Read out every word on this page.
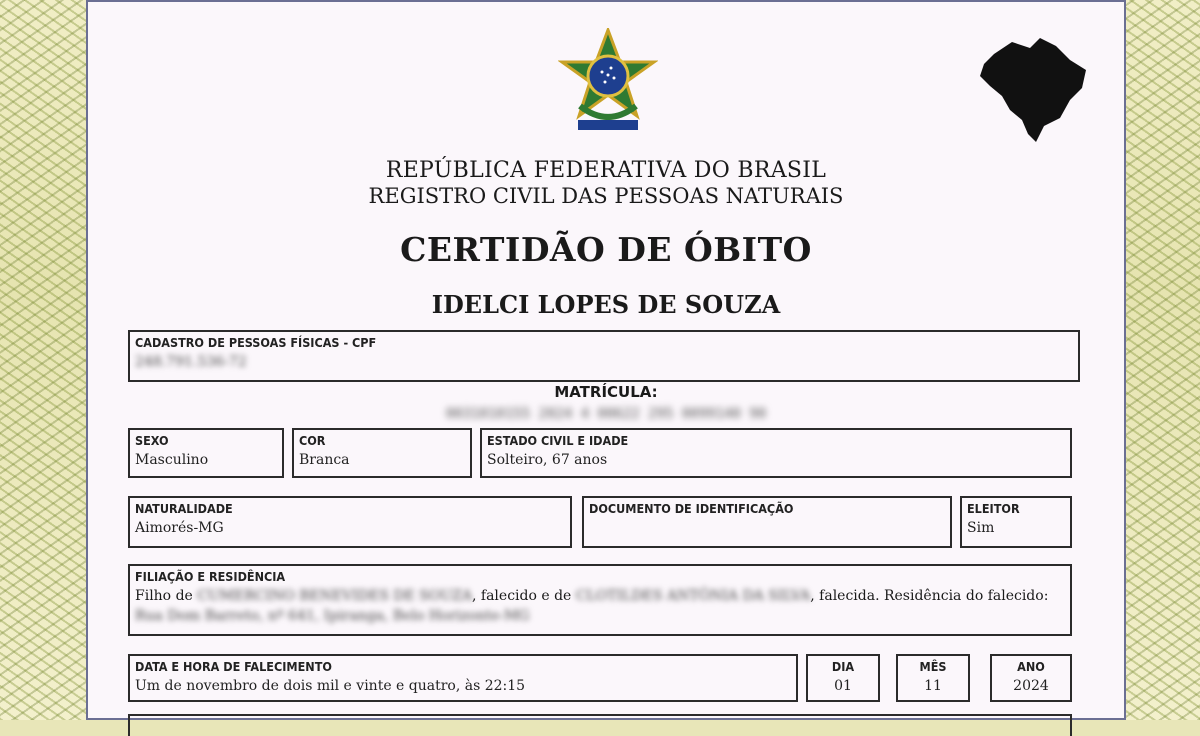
REPÚBLICA FEDERATIVA DO BRASIL
REGISTRO CIVIL DAS PESSOAS NATURAIS
CERTIDÃO DE ÓBITO
IDELCI LOPES DE SOUZA
CADASTRO DE PESSOAS FÍSICAS - CPF
248.791.536-72
MATRÍCULA:
0031010155 2024 4 00622 295 0099140 90
SEXO
Masculino
COR
Branca
ESTADO CIVIL E IDADE
Solteiro, 67 anos
NATURALIDADE
Aimorés-MG
DOCUMENTO DE IDENTIFICAÇÃO	ELEITOR
Sim
FILIAÇÃO E RESIDÊNCIA
Filho de CUMERCINO BENEVIDES DE SOUZA, falecido e de CLOTILDES ANTÔNIA DA SILVA, falecida. Residência do falecido: Rua Dom Barreto, nº 641, Ipiranga, Belo Horizonte-MG
DATA E HORA DE FALECIMENTO
Um de novembro de dois mil e vinte e quatro, às 22:15
DIA
01
MÊS
11
ANO
2024
